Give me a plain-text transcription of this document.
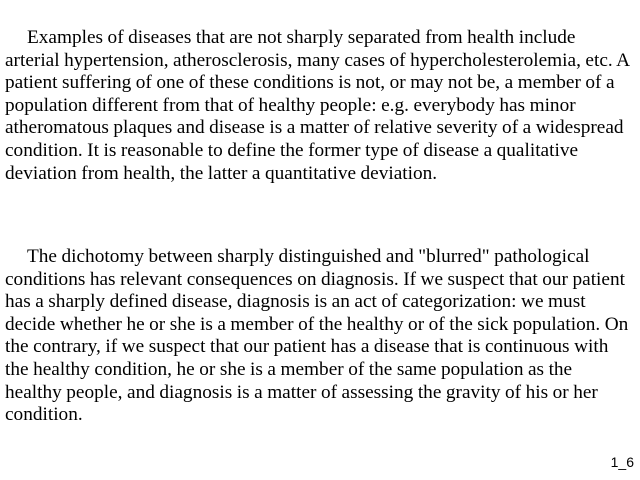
Examples of diseases that are not sharply separated from health include arterial hypertension, atherosclerosis, many cases of hypercholesterolemia, etc. A patient suffering of one of these conditions is not, or may not be, a member of a population different from that of healthy people: e.g. everybody has minor atheromatous plaques and disease is a matter of relative severity of a widespread condition. It is reasonable to define the former type of disease a qualitative deviation from health, the latter a quantitative deviation.

The dichotomy between sharply distinguished and "blurred" pathological conditions has relevant consequences on diagnosis. If we suspect that our patient has a sharply defined disease, diagnosis is an act of categorization: we must decide whether he or she is a member of the healthy or of the sick population. On the contrary, if we suspect that our patient has a disease that is continuous with the healthy condition, he or she is a member of the same population as the healthy people, and diagnosis is a matter of assessing the gravity of his or her condition.

1_6
